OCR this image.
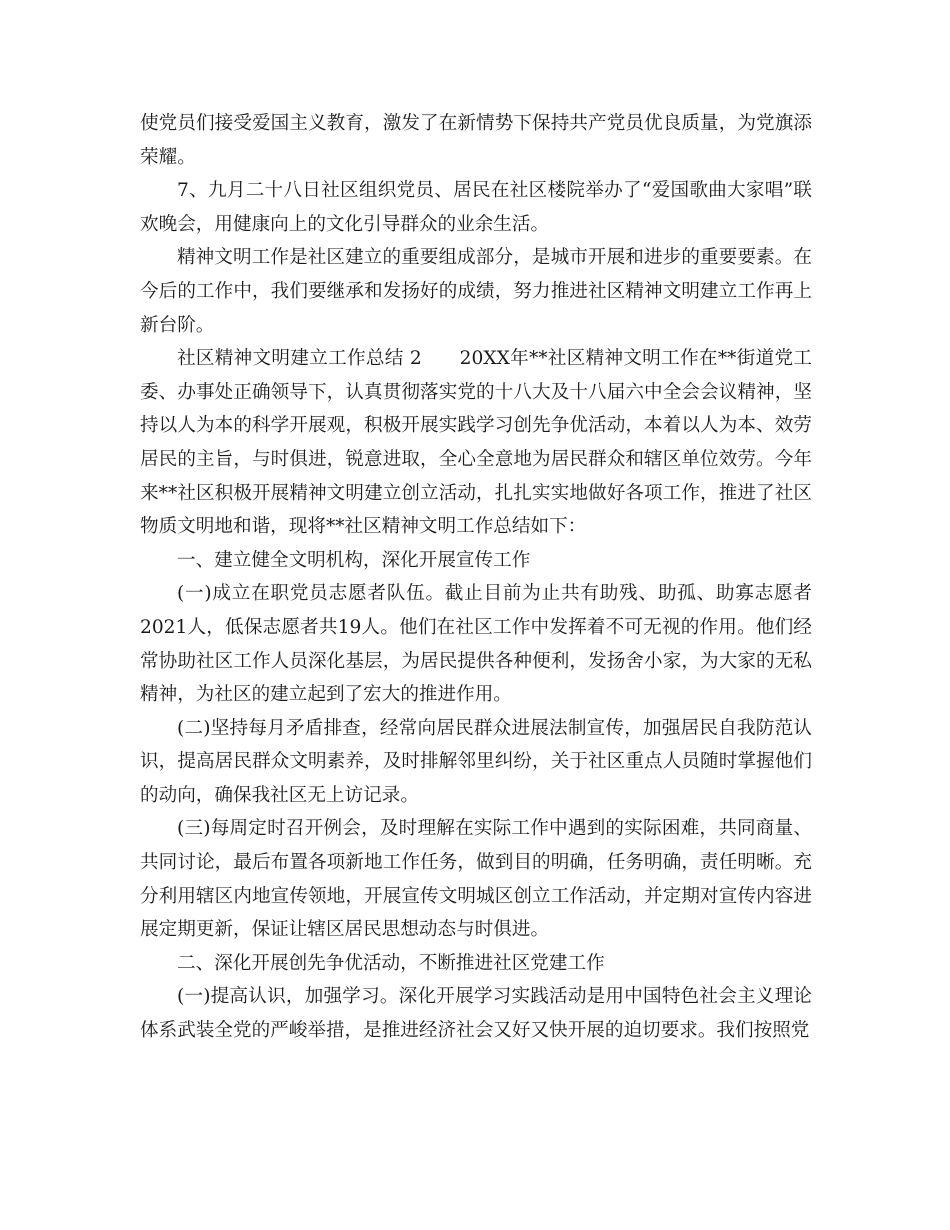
使党员们接受爱国主义教育，激发了在新情势下保持共产党员优良质量，为党旗添荣耀。

7、九月二十八日社区组织党员、居民在社区楼院举办了“爱国歌曲大家唱”联欢晚会，用健康向上的文化引导群众的业余生活。

精神文明工作是社区建立的重要组成部分，是城市开展和进步的重要要素。在今后的工作中，我们要继承和发扬好的成绩，努力推进社区精神文明建立工作再上新台阶。

社区精神文明建立工作总结 2 20XX年**社区精神文明工作在**街道党工委、办事处正确领导下，认真贯彻落实党的十八大及十八届六中全会会议精神，坚持以人为本的科学开展观，积极开展实践学习创先争优活动，本着以人为本、效劳居民的主旨，与时俱进，锐意进取，全心全意地为居民群众和辖区单位效劳。今年来**社区积极开展精神文明建立创立活动，扎扎实实地做好各项工作，推进了社区物质文明地和谐，现将**社区精神文明工作总结如下：

一、建立健全文明机构，深化开展宣传工作

(一)成立在职党员志愿者队伍。截止目前为止共有助残、助孤、助寡志愿者 2021人，低保志愿者共19人。他们在社区工作中发挥着不可无视的作用。他们经常协助社区工作人员深化基层，为居民提供各种便利，发扬舍小家，为大家的无私精神，为社区的建立起到了宏大的推进作用。

(二)坚持每月矛盾排查，经常向居民群众进展法制宣传，加强居民自我防范认识，提高居民群众文明素养，及时排解邻里纠纷，关于社区重点人员随时掌握他们的动向，确保我社区无上访记录。

(三)每周定时召开例会，及时理解在实际工作中遇到的实际困难，共同商量、共同讨论，最后布置各项新地工作任务，做到目的明确，任务明确，责任明晰。充分利用辖区内地宣传领地，开展宣传文明城区创立工作活动，并定期对宣传内容进展定期更新，保证让辖区居民思想动态与时俱进。

二、深化开展创先争优活动，不断推进社区党建工作

(一)提高认识，加强学习。深化开展学习实践活动是用中国特色社会主义理论体系武装全党的严峻举措，是推进经济社会又好又快开展的迫切要求。我们按照党
